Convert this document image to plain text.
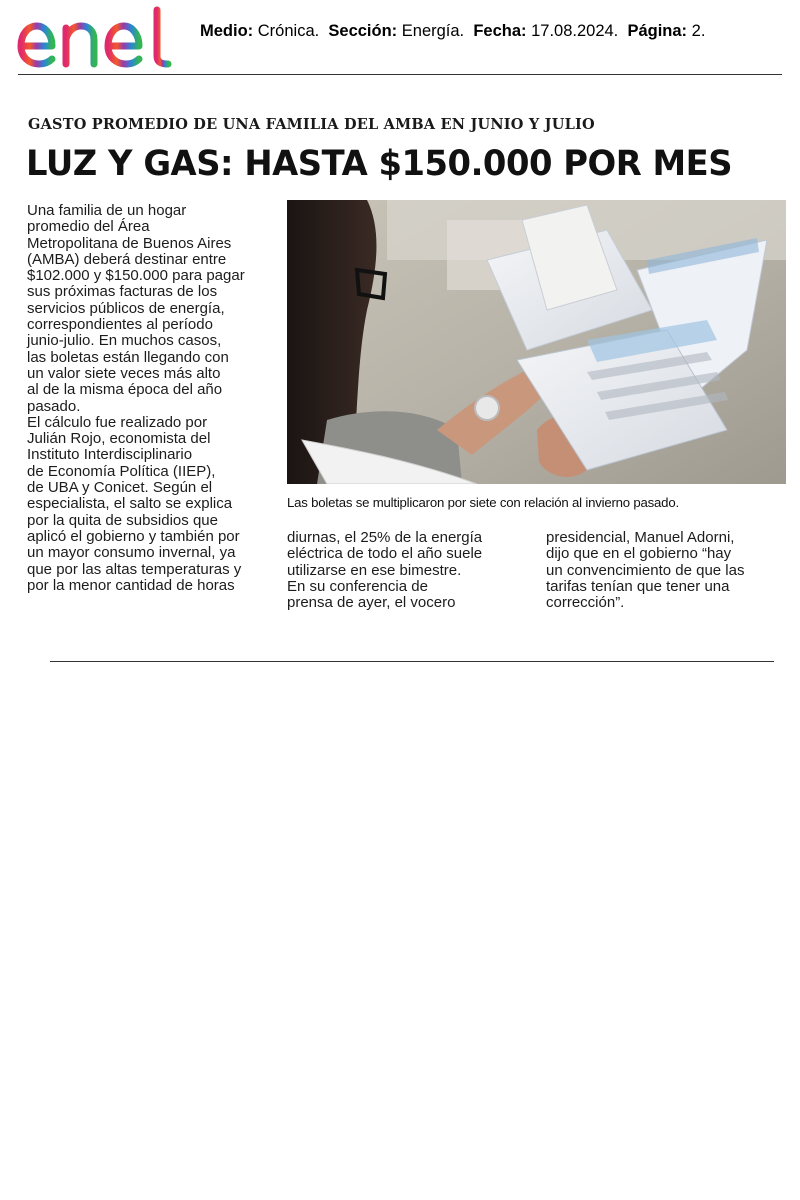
Medio: Crónica. Sección: Energía. Fecha: 17.08.2024. Página: 2.
GASTO PROMEDIO DE UNA FAMILIA DEL AMBA EN JUNIO Y JULIO
LUZ Y GAS: HASTA $150.000 POR MES

Una familia de un hogar

promedio del Área

Metropolitana de Buenos Aires

(AMBA) deberá destinar entre

$102.000 y $150.000 para pagar

sus próximas facturas de los

servicios públicos de energía,

correspondientes al período

junio-julio. En muchos casos,

las boletas están llegando con

un valor siete veces más alto

al de la misma época del año

pasado.

El cálculo fue realizado por

Julián Rojo, economista del

Instituto Interdisciplinario

de Economía Política (IIEP),

de UBA y Conicet. Según el

especialista, el salto se explica

por la quita de subsidios que

aplicó el gobierno y también por

un mayor consumo invernal, ya

que por las altas temperaturas y

por la menor cantidad de horas

Las boletas se multiplicaron por siete con relación al invierno pasado.

diurnas, el 25% de la energía

eléctrica de todo el año suele

utilizarse en ese bimestre.

En su conferencia de

prensa de ayer, el vocero

presidencial, Manuel Adorni,

dijo que en el gobierno “hay

un convencimiento de que las

tarifas tenían que tener una

corrección”.
